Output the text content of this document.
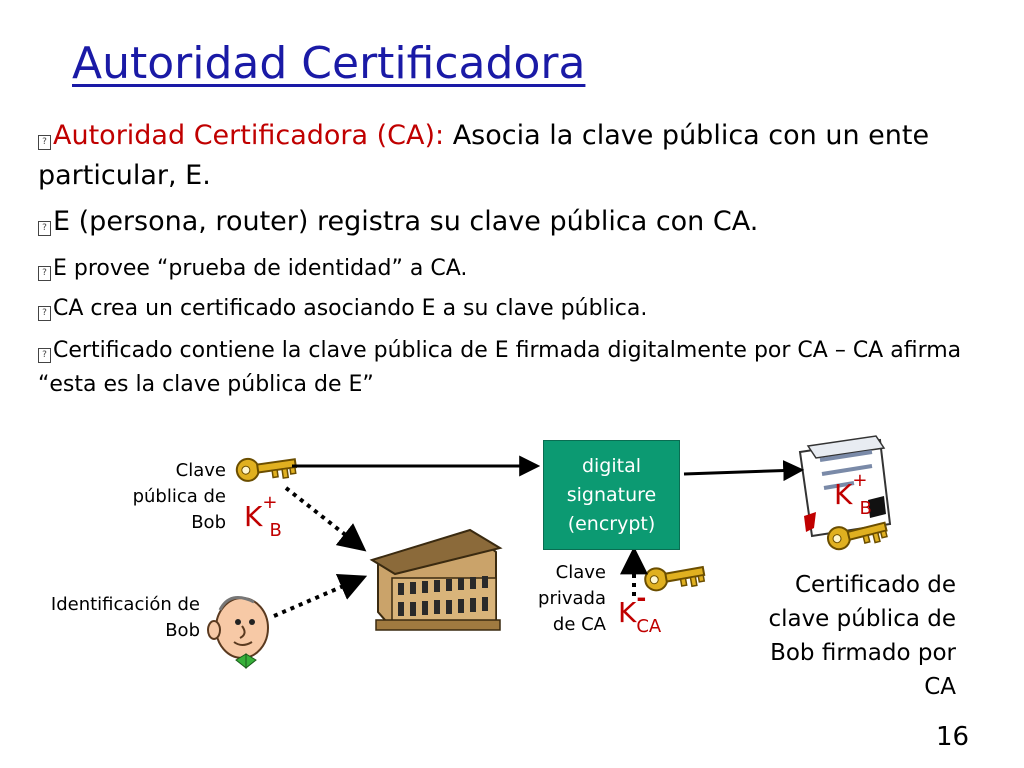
Autoridad Certificadora
? Autoridad Certificadora (CA): Asocia la clave pública con un ente particular, E.
? E (persona, router) registra su clave pública con CA.
? E provee “prueba de identidad” a CA.
? CA crea un certificado asociando E a su clave pública.
? Certificado contiene la clave pública de E firmada digitalmente por CA – CA afirma “esta es la clave pública de E”
Clave pública de Bob K+B
Identificación de Bob
digital signature (encrypt)
Clave privada de CA K-CA
K+B
Certificado de clave pública de Bob firmado por CA
16
